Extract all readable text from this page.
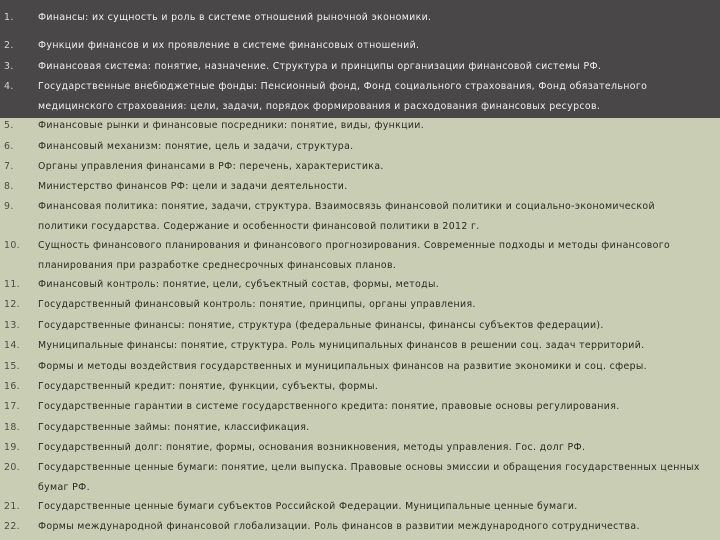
1.	Финансы: их сущность и роль в системе отношений рыночной экономики.
2.	Функции финансов и их проявление в системе финансовых отношений.
3.	Финансовая система: понятие, назначение. Структура и принципы организации финансовой системы РФ.
4.	Государственные внебюджетные фонды: Пенсионный фонд, Фонд социального страхования, Фонд обязательного медицинского страхования: цели, задачи, порядок формирования и расходования финансовых ресурсов.
5.	Финансовые рынки и финансовые посредники: понятие, виды, функции.
6.	Финансовый механизм: понятие, цель и задачи, структура.
7.	Органы управления финансами в РФ: перечень, характеристика.
8.	Министерство финансов РФ: цели и задачи деятельности.
9.	Финансовая политика: понятие, задачи, структура. Взаимосвязь финансовой политики и социально-экономической политики государства. Содержание и особенности финансовой политики в 2012 г.
10.	Сущность финансового планирования и финансового прогнозирования. Современные подходы и методы финансового планирования при разработке среднесрочных финансовых планов.
11.	Финансовый контроль: понятие, цели, субъектный состав, формы, методы.
12.	Государственный финансовый контроль: понятие, принципы, органы управления.
13.	Государственные финансы: понятие, структура (федеральные финансы, финансы субъектов федерации).
14.	Муниципальные финансы: понятие, структура. Роль муниципальных финансов в решении соц. задач территорий.
15.	Формы и методы воздействия государственных и муниципальных финансов на развитие экономики и соц. сферы.
16.	Государственный кредит: понятие, функции, субъекты, формы.
17.	Государственные гарантии в системе государственного кредита: понятие, правовые основы регулирования.
18.	Государственные займы: понятие, классификация.
19.	Государственный долг: понятие, формы, основания возникновения, методы управления. Гос. долг РФ.
20.	Государственные ценные бумаги: понятие, цели выпуска. Правовые основы эмиссии и обращения государственных ценных бумаг РФ.
21.	Государственные ценные бумаги субъектов Российской Федерации. Муниципальные ценные бумаги.
22.	Формы международной финансовой глобализации. Роль финансов в развитии международного сотрудничества.
